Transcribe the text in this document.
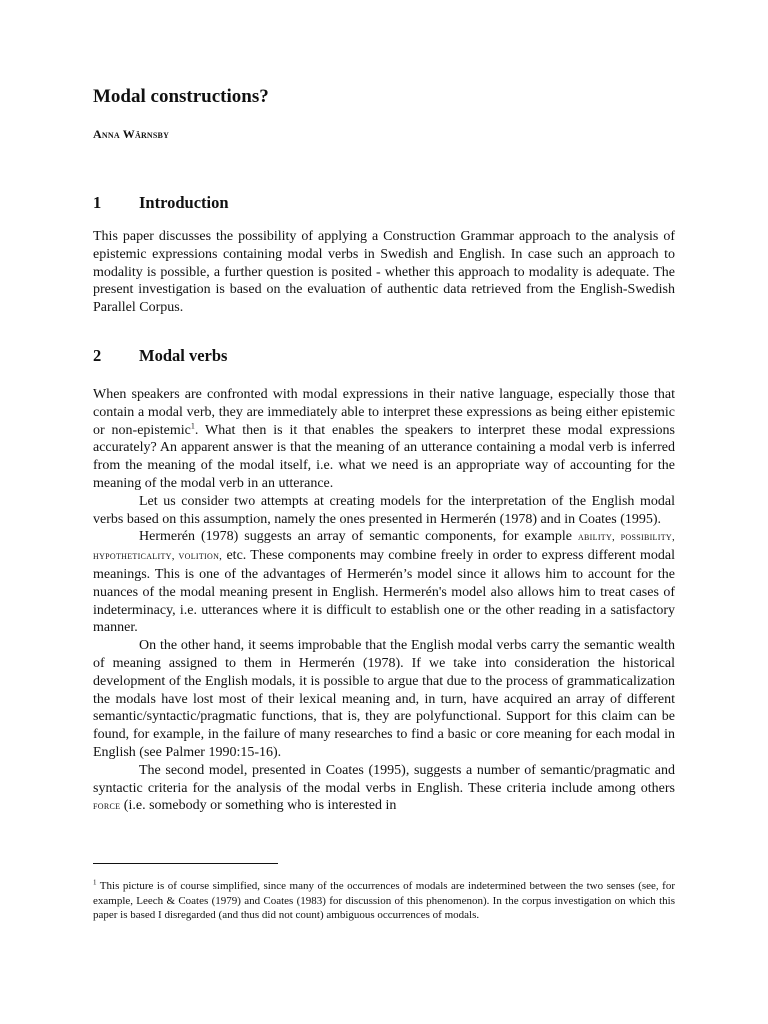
Modal constructions?
Anna Wärnsby
1 Introduction

This paper discusses the possibility of applying a Construction Grammar approach to the analysis of epistemic expressions containing modal verbs in Swedish and English. In case such an approach to modality is possible, a further question is posited - whether this approach to modality is adequate. The present investigation is based on the evaluation of authentic data retrieved from the English-Swedish Parallel Corpus.

2 Modal verbs

When speakers are confronted with modal expressions in their native language, especially those that contain a modal verb, they are immediately able to interpret these expressions as being either epistemic or non-epistemic$^1$. What then is it that enables the speakers to interpret these modal expressions accurately? An apparent answer is that the meaning of an utterance containing a modal verb is inferred from the meaning of the modal itself, i.e. what we need is an appropriate way of accounting for the meaning of the modal verb in an utterance.

Let us consider two attempts at creating models for the interpretation of the English modal verbs based on this assumption, namely the ones presented in Hermerén (1978) and in Coates (1995).

Hermerén (1978) suggests an array of semantic components, for example ability, possibility, hypotheticality, volition, etc. These components may combine freely in order to express different modal meanings. This is one of the advantages of Hermerén’s model since it allows him to account for the nuances of the modal meaning present in English. Hermerén's model also allows him to treat cases of indeterminacy, i.e. utterances where it is difficult to establish one or the other reading in a satisfactory manner.

On the other hand, it seems improbable that the English modal verbs carry the semantic wealth of meaning assigned to them in Hermerén (1978). If we take into consideration the historical development of the English modals, it is possible to argue that due to the process of grammaticalization the modals have lost most of their lexical meaning and, in turn, have acquired an array of different semantic/syntactic/pragmatic functions, that is, they are polyfunctional. Support for this claim can be found, for example, in the failure of many researches to find a basic or core meaning for each modal in English (see Palmer 1990:15-16).

The second model, presented in Coates (1995), suggests a number of semantic/pragmatic and syntactic criteria for the analysis of the modal verbs in English. These criteria include among others force (i.e. somebody or something who is interested in

$^1$ This picture is of course simplified, since many of the occurrences of modals are indetermined between the two senses (see, for example, Leech & Coates (1979) and Coates (1983) for discussion of this phenomenon). In the corpus investigation on which this paper is based I disregarded (and thus did not count) ambiguous occurrences of modals.
